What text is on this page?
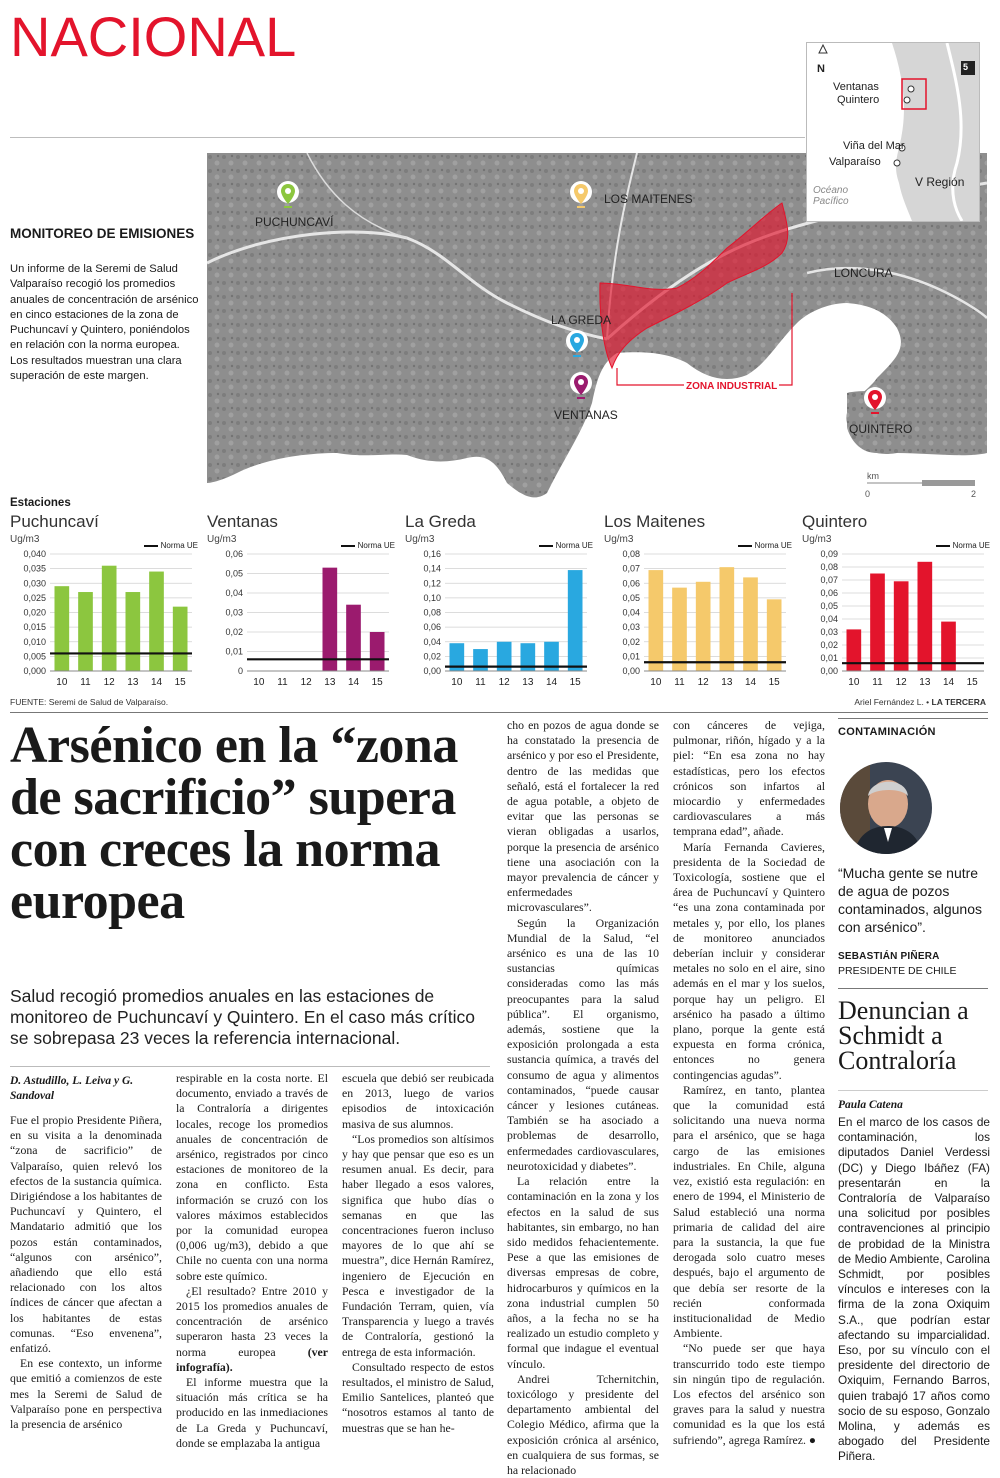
NACIONAL
PUCHUNCAVÍ
LOS MAITENES
LA GREDA
VENTANAS
LONCURA
QUINTERO
ZONA INDUSTRIAL
km
0	2
N	5
Ventanas
Quintero
Viña del Mar
Valparaíso
Océano Pacífico
V Región
MONITOREO DE EMISIONES
Un informe de la Seremi de Salud Valparaíso recogió los promedios anuales de concentración de arsénico en cinco estaciones de la zona de Puchuncaví y Quintero, poniéndolos en relación con la norma europea. Los resultados muestran una clara superación de este margen.
Estaciones
Puchuncaví
Ug/m3
Norma UE
0,000
0,005
0,010
0,015
0,020
0,025
0,030
0,035
0,040
10 11 12 13 14 15
Ventanas
Ug/m3
Norma UE
0
0,01
0,02
0,03
0,04
0,05
0,06
10 11 12 13 14 15
La Greda
Ug/m3
Norma UE
0,00
0,02
0,04
0,06
0,08
0,10
0,12
0,14
0,16
10 11 12 13 14 15
Los Maitenes
Ug/m3
Norma UE
0,00
0,01
0,02
0,03
0,04
0,05
0,06
0,07
0,08
10 11 12 13 14 15
Quintero
Ug/m3
Norma UE
0,00
0,01
0,02
0,03
0,04
0,05
0,06
0,07
0,08
0,09
10 11 12 13 14 15
FUENTE: Seremi de Salud de Valparaíso.	Ariel Fernández L. • LA TERCERA
Arsénico en la “zona de sacrificio” supera con creces la norma europea
Salud recogió promedios anuales en las estaciones de monitoreo de Puchuncaví y Quintero. En el caso más crítico se sobrepasa 23 veces la referencia internacional.
D. Astudillo, L. Leiva y G. Sandoval

Fue el propio Presidente Piñera, en su visita a la denominada “zona de sacrificio” de Valparaíso, quien relevó los efectos de la sustancia química. Dirigiéndose a los habitantes de Puchuncaví y Quintero, el Mandatario admitió que los pozos están contaminados, “algunos con arsénico”, añadiendo que ello está relacionado con los altos índices de cáncer que afectan a los habitantes de estas comunas. “Eso envenena”, enfatizó.

En ese contexto, un informe que emitió a comienzos de este mes la Seremi de Salud de Valparaíso pone en perspectiva la presencia de arsénico

respirable en la costa norte. El documento, enviado a través de la Contraloría a dirigentes locales, recoge los promedios anuales de concentración de arsénico, registrados por cinco estaciones de monitoreo de la zona en conflicto. Esta información se cruzó con los valores máximos establecidos por la comunidad europea (0,006 ug/m3), debido a que Chile no cuenta con una norma sobre este químico.

¿El resultado? Entre 2010 y 2015 los promedios anuales de concentración de arsénico superaron hasta 23 veces la norma europea	(ver infografía).

El informe muestra que la situación más crítica se ha producido en las inmediaciones de La Greda y Puchuncaví, donde se emplazaba la antigua

escuela que debió ser reubicada en 2013, luego de varios episodios de intoxicación masiva de sus alumnos.

“Los promedios son altísimos y hay que pensar que eso es un resumen anual. Es decir, para haber llegado a esos valores, significa que hubo días o semanas en que las concentraciones fueron incluso mayores de lo que ahí se muestra”, dice Hernán Ramírez, ingeniero de Ejecución en Pesca e investigador de la Fundación Terram, quien, vía Transparencia y luego a través de Contraloría, gestionó la entrega de esta información.

Consultado respecto de estos resultados, el ministro de Salud, Emilio Santelices, planteó que “nosotros estamos al tanto de muestras que se han he-

cho en pozos de agua donde se ha constatado la presencia de arsénico y por eso el Presidente, dentro de las medidas que señaló, está el fortalecer la red de agua potable, a objeto de evitar que las personas se vieran obligadas a usarlos, porque la presencia de arsénico tiene una asociación con la mayor prevalencia de cáncer y enfermedades microvasculares”.

Según la Organización Mundial de la Salud, “el arsénico es una de las 10 sustancias químicas consideradas como las más preocupantes para la salud pública”. El organismo, además, sostiene que la exposición prolongada a esta sustancia química, a través del consumo de agua y alimentos contaminados, “puede causar cáncer y lesiones cutáneas. También se ha asociado a problemas de desarrollo, enfermedades cardiovasculares, neurotoxicidad y diabetes”.

La relación entre la contaminación en la zona y los efectos en la salud de sus habitantes, sin embargo, no han sido medidos fehacientemente. Pese a que las emisiones de diversas empresas de cobre, hidrocarburos y químicos en la zona industrial cumplen 50 años, a la fecha no se ha realizado un estudio completo y formal que indague el eventual vínculo.

Andrei Tchernitchin, toxicólogo y presidente del departamento ambiental del Colegio Médico, afirma que la exposición crónica al arsénico, en cualquiera de sus formas, se ha relacionado

con cánceres de vejiga, pulmonar, riñón, hígado y a la piel: “En esa zona no hay estadísticas, pero los efectos crónicos son infartos al miocardio y enfermedades cardiovasculares a más temprana edad”, añade.

María Fernanda Cavieres, presidenta de la Sociedad de Toxicología, sostiene que el área de Puchuncaví y Quintero “es una zona contaminada por metales y, por ello, los planes de monitoreo anunciados deberían incluir y considerar metales no solo en el aire, sino además en el mar y los suelos, porque hay un peligro. El arsénico ha pasado a último plano, porque la gente está expuesta en forma crónica, entonces no genera contingencias agudas”.

Ramírez, en tanto, plantea que la comunidad está solicitando una nueva norma para el arsénico, que se haga cargo de las emisiones industriales. En Chile, alguna vez, existió esta regulación: en enero de 1994, el Ministerio de Salud estableció una norma primaria de calidad del aire para la sustancia, la que fue derogada solo cuatro meses después, bajo el argumento de que debía ser resorte de la recién conformada institucionalidad de Medio Ambiente.

“No puede ser que haya transcurrido todo este tiempo sin ningún tipo de regulación. Los efectos del arsénico son graves para la salud y nuestra comunidad es la que los está sufriendo”, agrega Ramírez. ●

CONTAMINACIÓN
“Mucha gente se nutre de agua de pozos contaminados, algunos con arsénico”.
SEBASTIÁN PIÑERA
PRESIDENTE DE CHILE
Denuncian a Schmidt a Contraloría
Paula Catena
En el marco de los casos de contaminación, los diputados Daniel Verdessi (DC) y Diego Ibáñez (FA) presentarán en la Contraloría de Valparaíso una solicitud por posibles contravenciones al principio de probidad de la Ministra de Medio Ambiente, Carolina Schmidt, por posibles vínculos e intereses con la firma de la zona Oxiquim S.A., que podrían estar afectando su imparcialidad. Eso, por su vínculo con el presidente del directorio de Oxiquim, Fernando Barros, quien trabajó 17 años como socio de su esposo, Gonzalo Molina, y además es abogado del Presidente Piñera.
